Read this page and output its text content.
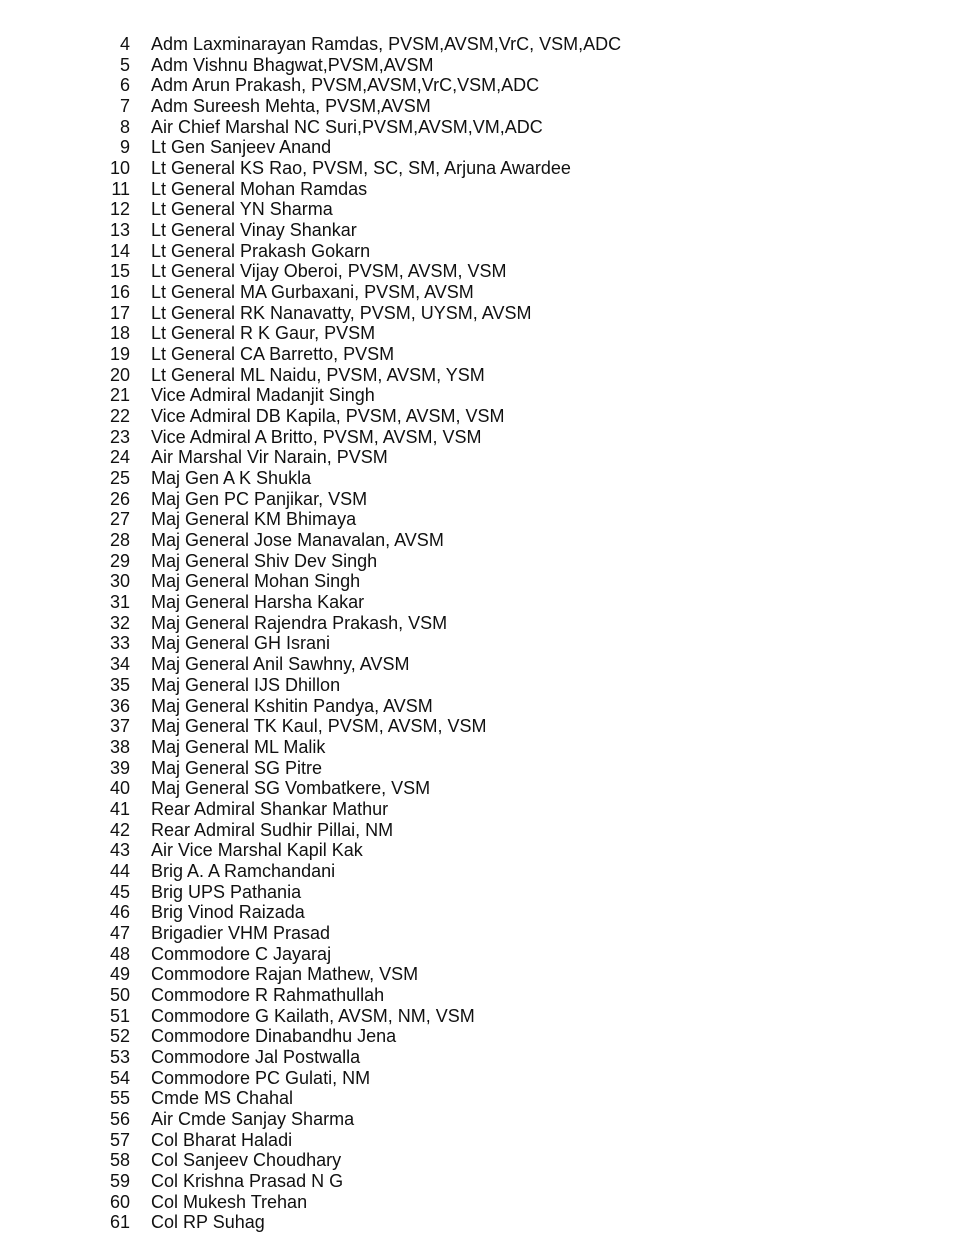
4 Adm Laxminarayan Ramdas, PVSM,AVSM,VrC, VSM,ADC
5 Adm Vishnu Bhagwat,PVSM,AVSM
6 Adm Arun Prakash, PVSM,AVSM,VrC,VSM,ADC
7 Adm Sureesh Mehta, PVSM,AVSM
8 Air Chief Marshal NC Suri,PVSM,AVSM,VM,ADC
9 Lt Gen Sanjeev Anand
10 Lt General KS Rao, PVSM, SC, SM, Arjuna Awardee
11 Lt General Mohan Ramdas
12 Lt General YN Sharma
13 Lt General Vinay Shankar
14 Lt General Prakash Gokarn
15 Lt General Vijay Oberoi, PVSM, AVSM, VSM
16 Lt General MA Gurbaxani, PVSM, AVSM
17 Lt General RK Nanavatty, PVSM, UYSM, AVSM
18 Lt General R K Gaur, PVSM
19 Lt General CA Barretto, PVSM
20 Lt General ML Naidu, PVSM, AVSM, YSM
21 Vice Admiral Madanjit Singh
22 Vice Admiral DB Kapila, PVSM, AVSM, VSM
23 Vice Admiral A Britto, PVSM, AVSM, VSM
24 Air Marshal Vir Narain, PVSM
25 Maj Gen A K Shukla
26 Maj Gen PC Panjikar, VSM
27 Maj General KM Bhimaya
28 Maj General Jose Manavalan, AVSM
29 Maj General Shiv Dev Singh
30 Maj General Mohan Singh
31 Maj General Harsha Kakar
32 Maj General Rajendra Prakash, VSM
33 Maj General GH Israni
34 Maj General Anil Sawhny, AVSM
35 Maj General IJS Dhillon
36 Maj General Kshitin Pandya, AVSM
37 Maj General TK Kaul, PVSM, AVSM, VSM
38 Maj General ML Malik
39 Maj General SG Pitre
40 Maj General SG Vombatkere, VSM
41 Rear Admiral Shankar Mathur
42 Rear Admiral Sudhir Pillai, NM
43 Air Vice Marshal Kapil Kak
44 Brig A. A Ramchandani
45 Brig UPS Pathania
46 Brig Vinod Raizada
47 Brigadier VHM Prasad
48 Commodore C Jayaraj
49 Commodore Rajan Mathew, VSM
50 Commodore R Rahmathullah
51 Commodore G Kailath, AVSM, NM, VSM
52 Commodore Dinabandhu Jena
53 Commodore Jal Postwalla
54 Commodore PC Gulati, NM
55 Cmde MS Chahal
56 Air Cmde Sanjay Sharma
57 Col Bharat Haladi
58 Col Sanjeev Choudhary
59 Col Krishna Prasad N G
60 Col Mukesh Trehan
61 Col RP Suhag
